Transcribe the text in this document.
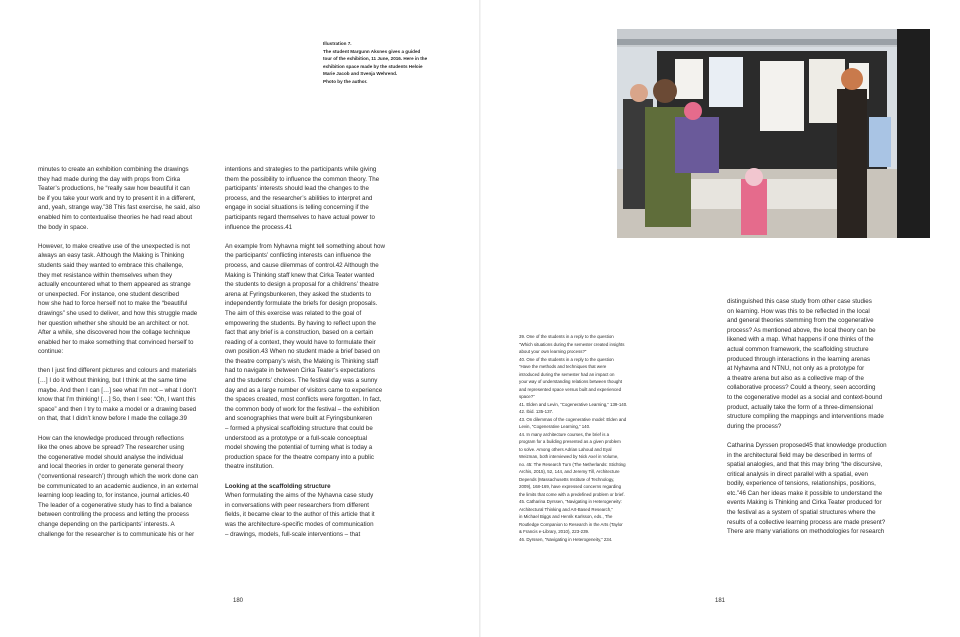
Illustration 7.

The student Margunn Aksnes gives a guided

tour of the exhibition, 11 June, 2016. Here in the

exhibition space made by the students Heloie

Marie Jacob and Svenja Wehrend.

Photo by the author.

minutes to create an exhibition combining the drawings
they had made during the day with props from Cirka
Teater’s productions, he “really saw how beautiful it can
be if you take your work and try to present it in a different,
and, yeah, strange way.”38 This fast exercise, he said, also
enabled him to contextualise theories he had read about
the body in space.

However, to make creative use of the unexpected is not
always an easy task. Although the Making is Thinking
students said they wanted to embrace this challenge,
they met resistance within themselves when they
actually encountered what to them appeared as strange
or unexpected. For instance, one student described
how she had to force herself not to make the “beautiful
drawings” she used to deliver, and how this struggle made
her question whether she should be an architect or not.
After a while, she discovered how the collage technique
enabled her to make something that convinced herself to
continue:

then I just find different pictures and colours and materials
[…] I do it without thinking, but I think at the same time
maybe. And then I can […] see what I’m not – what I don’t
know that I’m thinking! […] So, then I see: “Oh, I want this
space” and then I try to make a model or a drawing based
on that, that I didn’t know before I made the collage.39

How can the knowledge produced through reflections
like the ones above be spread? The researcher using
the cogenerative model should analyse the individual
and local theories in order to generate general theory
(‘conventional research’) through which the work done can
be communicated to an academic audience, in an external
learning loop leading to, for instance, journal articles.40
The leader of a cogenerative study has to find a balance
between controlling the process and letting the process
change depending on the participants’ interests. A
challenge for the researcher is to communicate his or her

intentions and strategies to the participants while giving
them the possibility to influence the common theory. The
participants’ interests should lead the changes to the
process, and the researcher’s abilities to interpret and
engage in social situations is telling concerning if the
participants regard themselves to have actual power to
influence the process.41

An example from Nyhavna might tell something about how
the participants’ conflicting interests can influence the
process, and cause dilemmas of control.42 Although the
Making is Thinking staff knew that Cirka Teater wanted
the students to design a proposal for a childrens’ theatre
arena at Fyringsbunkeren, they asked the students to
independently formulate the briefs for design proposals.
The aim of this exercise was related to the goal of
empowering the students. By having to reflect upon the
fact that any brief is a construction, based on a certain
reading of a context, they would have to formulate their
own position.43 When no student made a brief based on
the theatre company’s wish, the Making is Thinking staff
had to navigate in between Cirka Teater’s expectations
and the students’ choices. The festival day was a sunny
day and as a large number of visitors came to experience
the spaces created, most conflicts were forgotten. In fact,
the common body of work for the festival – the exhibition
and scenographies that were built at Fyringsbunkeren
– formed a physical scaffolding structure that could be
understood as a prototype or a full-scale conceptual
model showing the potential of turning what is today a
production space for the theatre company into a public
theatre institution.

Looking at the scaffolding structure

When formulating the aims of the Nyhavna case study
in conversations with peer researchers from different
fields, it became clear to the author of this article that it
was the architecture-specific modes of communication
– drawings, models, full-scale interventions – that

39. One of the students in a reply to the question

“Which situations during the semester created insights

about your own learning process?”

40. One of the students in a reply to the question

“Have the methods and techniques that were

introduced during the semester had an impact on

your way of understanding relations between thought

and represented space versus built and experienced

space?”

41. Elden and Levin, “Cogenerative Learning,” 139-140.

42. Ibid. 135-137.

43. On dilemmas of the cogenerative model: Elden and

Levin, “Cogenerative Learning,” 140.

44. In many architecture courses, the brief is a

program for a building presented as a given problem

to solve. Among others Adrian Lahoud and Eyal

Weizman, both interviewed by Nick Axel in Volume,

no. 45: The Research Turn (The Netherlands: Stichting

Archis, 2015), 52, 144, and Jeremy Till, Architecture

Depends (Massachusetts Institute of Technology,

2009), 168-169, have expressed concerns regarding

the limits that come with a predefined problem or brief.

45. Catharina Dyrssen, “Navigating in Heterogeneity:

Architectural Thinking and Art-Based Research,”

in Michael Biggs and Henrik Karlsson, eds., The

Routledge Companion to Research in the Arts (Taylor

& Francis e-Library, 2010), 223-239.

46. Dyrssen, “Navigating in Heterogeneity,” 234.

distinguished this case study from other case studies
on learning. How was this to be reflected in the local
and general theories stemming from the cogenerative
process? As mentioned above, the local theory can be
likened with a map. What happens if one thinks of the
actual common framework, the scaffolding structure
produced through interactions in the learning arenas
at Nyhavna and NTNU, not only as a prototype for
a theatre arena but also as a collective map of the
collaborative process? Could a theory, seen according
to the cogenerative model as a social and context-bound
product, actually take the form of a three-dimensional
structure compiling the mappings and interventions made
during the process?

Catharina Dyrssen proposed45 that knowledge production
in the architectural field may be described in terms of
spatial analogies, and that this may bring “the discursive,
critical analysis in direct parallel with a spatial, even
bodily, experience of tensions, relationships, positions,
etc.”46 Can her ideas make it possible to understand the
events Making is Thinking and Cirka Teater produced for
the festival as a system of spatial structures where the
results of a collective learning process are made present?
There are many variations on methodologies for research

180	181
